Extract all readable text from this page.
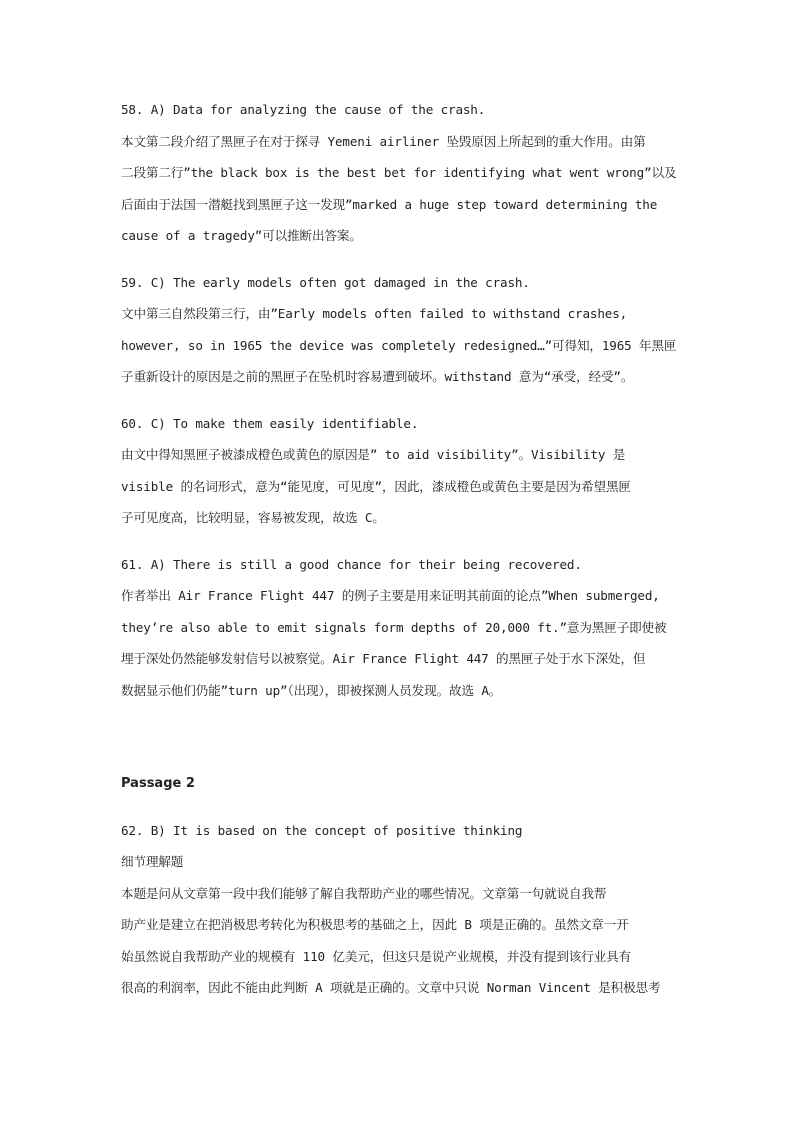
58. A) Data for analyzing the cause of the crash.
本文第二段介绍了黑匣子在对于探寻 Yemeni airliner 坠毁原因上所起到的重大作用。由第
二段第二行”the black box is the best bet for identifying what went wrong”以及
后面由于法国一潜艇找到黑匣子这一发现”marked a huge step toward determining the
cause of a tragedy”可以推断出答案。
59. C) The early models often got damaged in the crash.
文中第三自然段第三行，由”Early models often failed to withstand crashes,
however, so in 1965 the device was completely redesigned…”可得知，1965 年黑匣
子重新设计的原因是之前的黑匣子在坠机时容易遭到破坏。withstand 意为“承受，经受”。
60. C) To make them easily identifiable.
由文中得知黑匣子被漆成橙色或黄色的原因是” to aid visibility”。Visibility 是
visible 的名词形式，意为“能见度，可见度”，因此，漆成橙色或黄色主要是因为希望黑匣
子可见度高，比较明显，容易被发现，故选 C。
61. A) There is still a good chance for their being recovered.
作者举出 Air France Flight 447 的例子主要是用来证明其前面的论点”When submerged,
they’re also able to emit signals form depths of 20,000 ft.”意为黑匣子即使被
埋于深处仍然能够发射信号以被察觉。Air France Flight 447 的黑匣子处于水下深处，但
数据显示他们仍能”turn up”（出现），即被探测人员发现。故选 A。
Passage 2
62. B) It is based on the concept of positive thinking
细节理解题
本题是问从文章第一段中我们能够了解自我帮助产业的哪些情况。文章第一句就说自我帮
助产业是建立在把消极思考转化为积极思考的基础之上，因此 B 项是正确的。虽然文章一开
始虽然说自我帮助产业的规模有 110 亿美元，但这只是说产业规模，并没有提到该行业具有
很高的利润率，因此不能由此判断 A 项就是正确的。文章中只说 Norman Vincent 是积极思考
